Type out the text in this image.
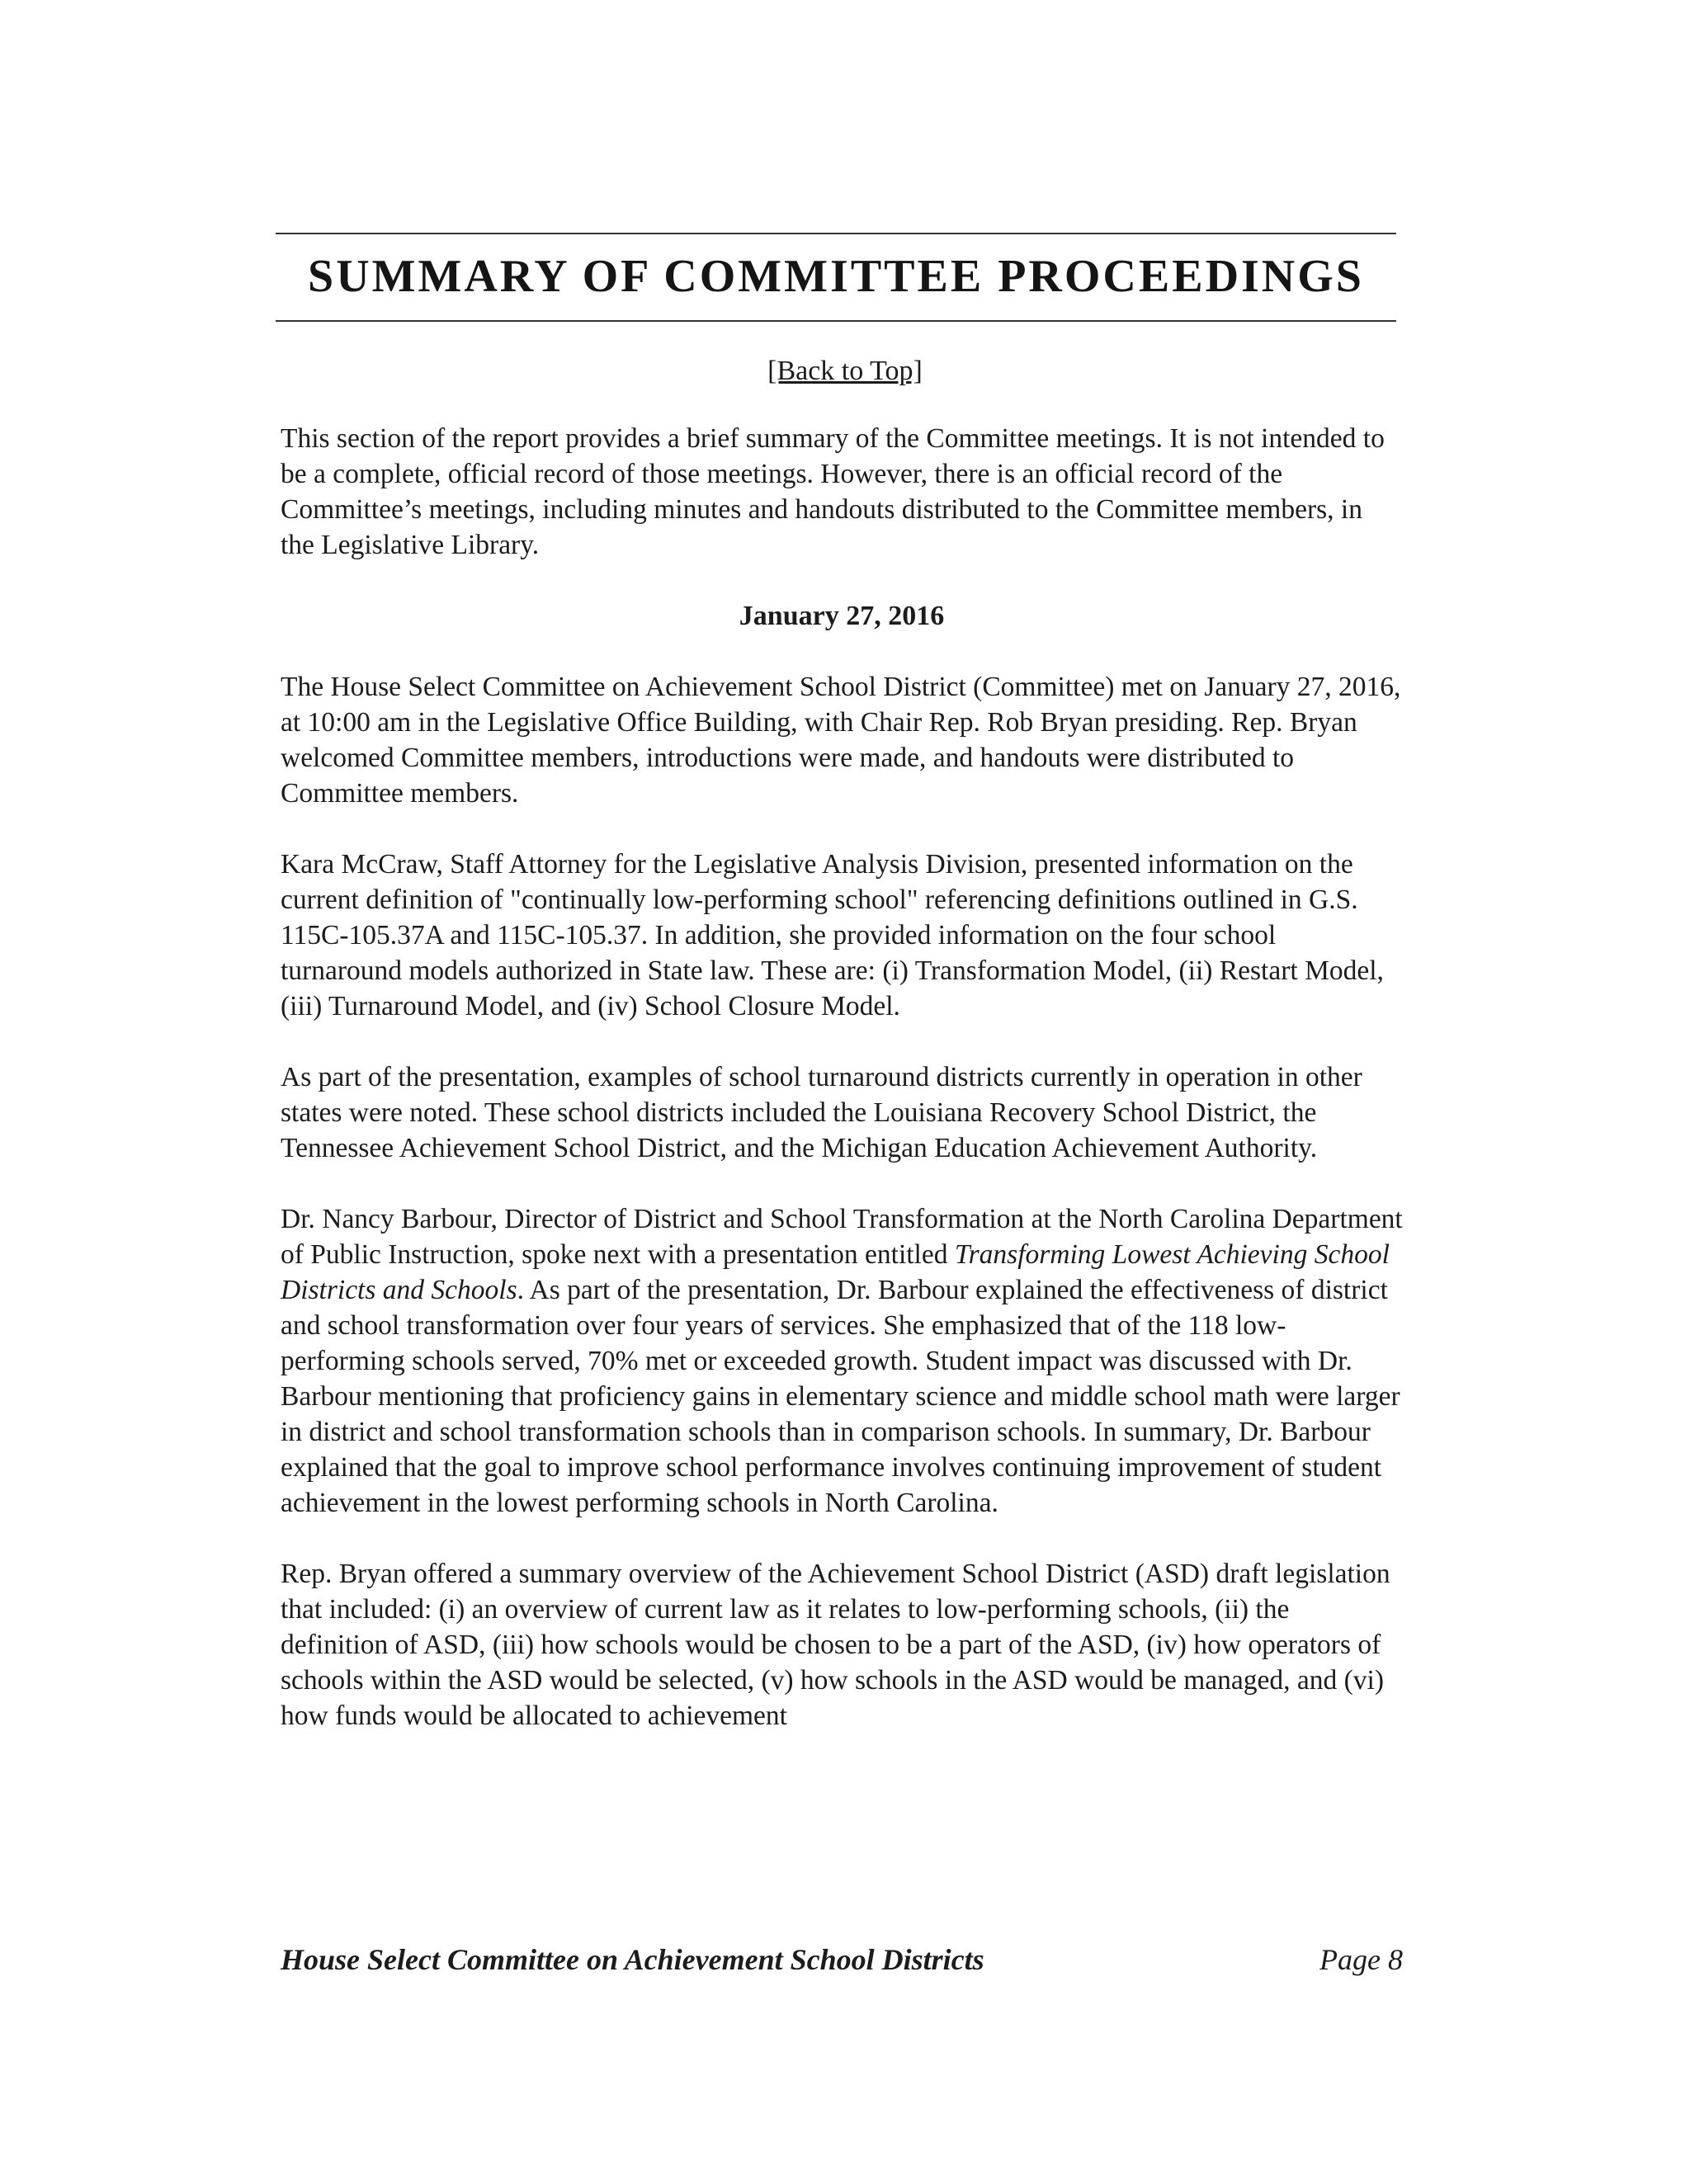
SUMMARY OF COMMITTEE PROCEEDINGS
[Back to Top]

This section of the report provides a brief summary of the Committee meetings. It is not intended to be a complete, official record of those meetings. However, there is an official record of the Committee’s meetings, including minutes and handouts distributed to the Committee members, in the Legislative Library.

January 27, 2016

The House Select Committee on Achievement School District (Committee) met on January 27, 2016, at 10:00 am in the Legislative Office Building, with Chair Rep. Rob Bryan presiding. Rep. Bryan welcomed Committee members, introductions were made, and handouts were distributed to Committee members.

Kara McCraw, Staff Attorney for the Legislative Analysis Division, presented information on the current definition of "continually low-performing school" referencing definitions outlined in G.S. 115C-105.37A and 115C-105.37. In addition, she provided information on the four school turnaround models authorized in State law. These are: (i) Transformation Model, (ii) Restart Model, (iii) Turnaround Model, and (iv) School Closure Model.

As part of the presentation, examples of school turnaround districts currently in operation in other states were noted. These school districts included the Louisiana Recovery School District, the Tennessee Achievement School District, and the Michigan Education Achievement Authority.

Dr. Nancy Barbour, Director of District and School Transformation at the North Carolina Department of Public Instruction, spoke next with a presentation entitled Transforming Lowest Achieving School Districts and Schools. As part of the presentation, Dr. Barbour explained the effectiveness of district and school transformation over four years of services. She emphasized that of the 118 low-performing schools served, 70% met or exceeded growth. Student impact was discussed with Dr. Barbour mentioning that proficiency gains in elementary science and middle school math were larger in district and school transformation schools than in comparison schools. In summary, Dr. Barbour explained that the goal to improve school performance involves continuing improvement of student achievement in the lowest performing schools in North Carolina.

Rep. Bryan offered a summary overview of the Achievement School District (ASD) draft legislation that included: (i) an overview of current law as it relates to low-performing schools, (ii) the definition of ASD, (iii) how schools would be chosen to be a part of the ASD, (iv) how operators of schools within the ASD would be selected, (v) how schools in the ASD would be managed, and (vi) how funds would be allocated to achievement

House Select Committee on Achievement School Districts	Page 8
